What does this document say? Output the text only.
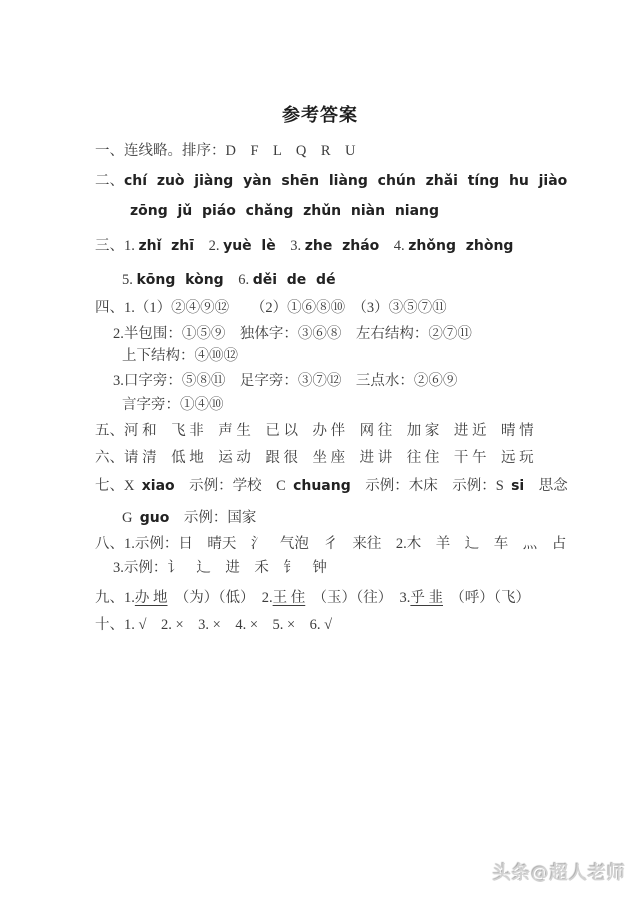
参考答案
一、连线略。排序：D　F　L　Q　R　U
二、chí  zuò  jiàng  yàn  shēn  liàng  chún  zhǎi  tíng  hu  jiào
zōng  jǔ  piáo  chǎng  zhǔn  niàn  niang
三、1. zhǐ  zhī　2. yuè  lè　3. zhe  zháo　4. zhǒng  zhòng
5. kōng  kòng　6. děi  de  dé
四、1.（1）②④⑨⑫　　（2）①⑥⑧⑩　（3）③⑤⑦⑪
2.半包围：①⑤⑨　独体字：③⑥⑧　左右结构：②⑦⑪
上下结构：④⑩⑫
3.口字旁：⑤⑧⑪　足字旁：③⑦⑫　三点水：②⑥⑨
言字旁：①④⑩
五、河 和　飞 非　声 生　已 以　办 伴　网 往　加 家　进 近　晴 情
六、请 清　低 地　运 动　跟 很　坐 座　进 讲　往 住　干 午　远 玩
七、X  xiao　示例：学校　C  chuang　示例：木床　示例：S  si　思念
G  guo　示例：国家
八、1.示例：日　晴天　氵　气泡　彳　来往　2.木　羊　辶　车　灬　占
3.示例：讠　辶　进　禾　钅　钟
九、1.办 地　（为）（低）　2.王 住　（玉）（往）　3.乎 韭　（呼）（飞）
十、1. √　2. ×　3. ×　4. ×　5. ×　6. √
头条@超人老师
